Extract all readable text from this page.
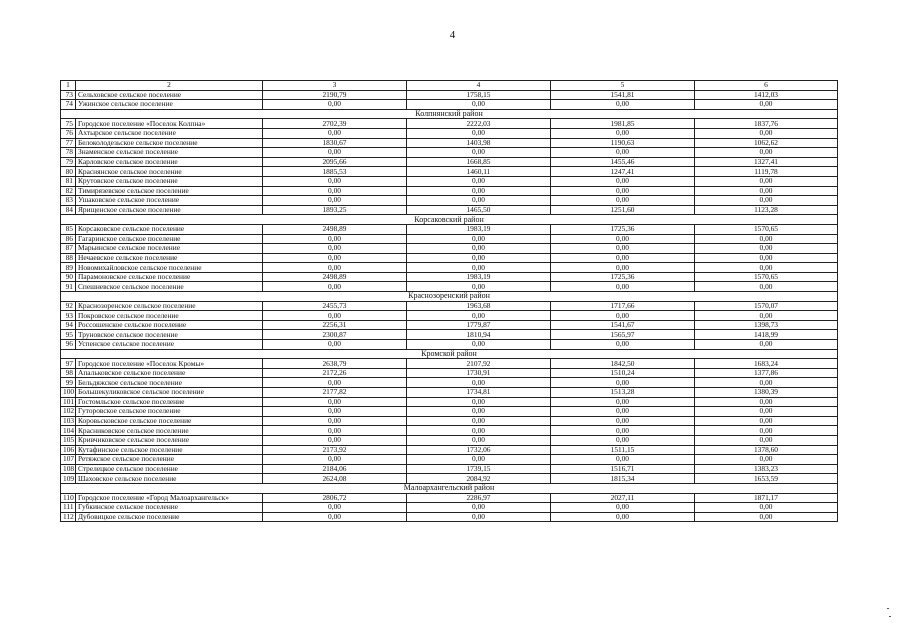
4
1	2	3	4	5	6
73	Сельховское сельское поселение	2190,79	1758,15	1541,81	1412,03
74	Ужинское сельское поселение	0,00	0,00	0,00	0,00
Колпнянский район					
75	Городское поселение «Поселок Колпна»	2702,39	2222,03	1981,85	1837,76
76	Ахтырское сельское поселение	0,00	0,00	0,00	0,00
77	Белоколодезьское сельское поселение	1830,67	1403,98	1190,63	1062,62
78	Знаменское сельское поселение	0,00	0,00	0,00	0,00
79	Карловское сельское поселение	2095,66	1668,85	1455,46	1327,41
80	Краснянское сельское поселение	1885,53	1460,11	1247,41	1119,78
81	Крутовское сельское поселение	0,00	0,00	0,00	0,00
82	Тимирязевское сельское поселение	0,00	0,00	0,00	0,00
83	Ушаковское сельское поселение	0,00	0,00	0,00	0,00
84	Ярищенское сельское поселение	1893,25	1465,50	1251,60	1123,28
Корсаковский район					
85	Корсаковское сельское поселение	2498,89	1983,19	1725,36	1570,65
86	Гагаринское сельское поселение	0,00	0,00	0,00	0,00
87	Марьинское сельское поселение	0,00	0,00	0,00	0,00
88	Нечаевское сельское поселение	0,00	0,00	0,00	0,00
89	Новомихайловское сельское поселение	0,00	0,00	0,00	0,00
90	Парамоновское сельское поселение	2498,89	1983,19	1725,36	1570,65
91	Спешневское сельское поселение	0,00	0,00	0,00	0,00
Краснозоренский район					
92	Краснозоренское сельское поселение	2455,73	1963,68	1717,66	1570,07
93	Покровское сельское поселение	0,00	0,00	0,00	0,00
94	Россошенское сельское поселение	2256,31	1779,87	1541,67	1398,73
95	Труновское сельское поселение	2300,87	1810,94	1565,97	1418,99
96	Успенское сельское поселение	0,00	0,00	0,00	0,00
Кромской район					
97	Городское поселение «Поселок Кромы»	2638,79	2107,92	1842,50	1683,24
98	Апальковское сельское поселение	2172,26	1730,91	1510,24	1377,86
99	Бельдяжское сельское поселение	0,00	0,00	0,00	0,00
100	Большекуликовское сельское поселение	2177,82	1734,81	1513,28	1380,39
101	Гостомльское сельское поселение	0,00	0,00	0,00	0,00
102	Гуторовское сельское поселение	0,00	0,00	0,00	0,00
103	Коровьсковское сельское поселение	0,00	0,00	0,00	0,00
104	Красниковское сельское поселение	0,00	0,00	0,00	0,00
105	Кривчиковское сельское поселение	0,00	0,00	0,00	0,00
106	Кутафинское сельское поселение	2173,92	1732,06	1511,15	1378,60
107	Ретяжское сельское поселение	0,00	0,00	0,00	0,00
108	Стрелецкое сельское поселение	2184,06	1739,15	1516,71	1383,23
109	Шаховское сельское поселение	2624,08	2084,92	1815,34	1653,59
Малоархангельский район					
110	Городское поселение «Город Малоархангельск»	2806,72	2286,97	2027,11	1871,17
111	Губкинское сельское поселение	0,00	0,00	0,00	0,00
112	Дубовицкое сельское поселение	0,00	0,00	0,00	0,00
